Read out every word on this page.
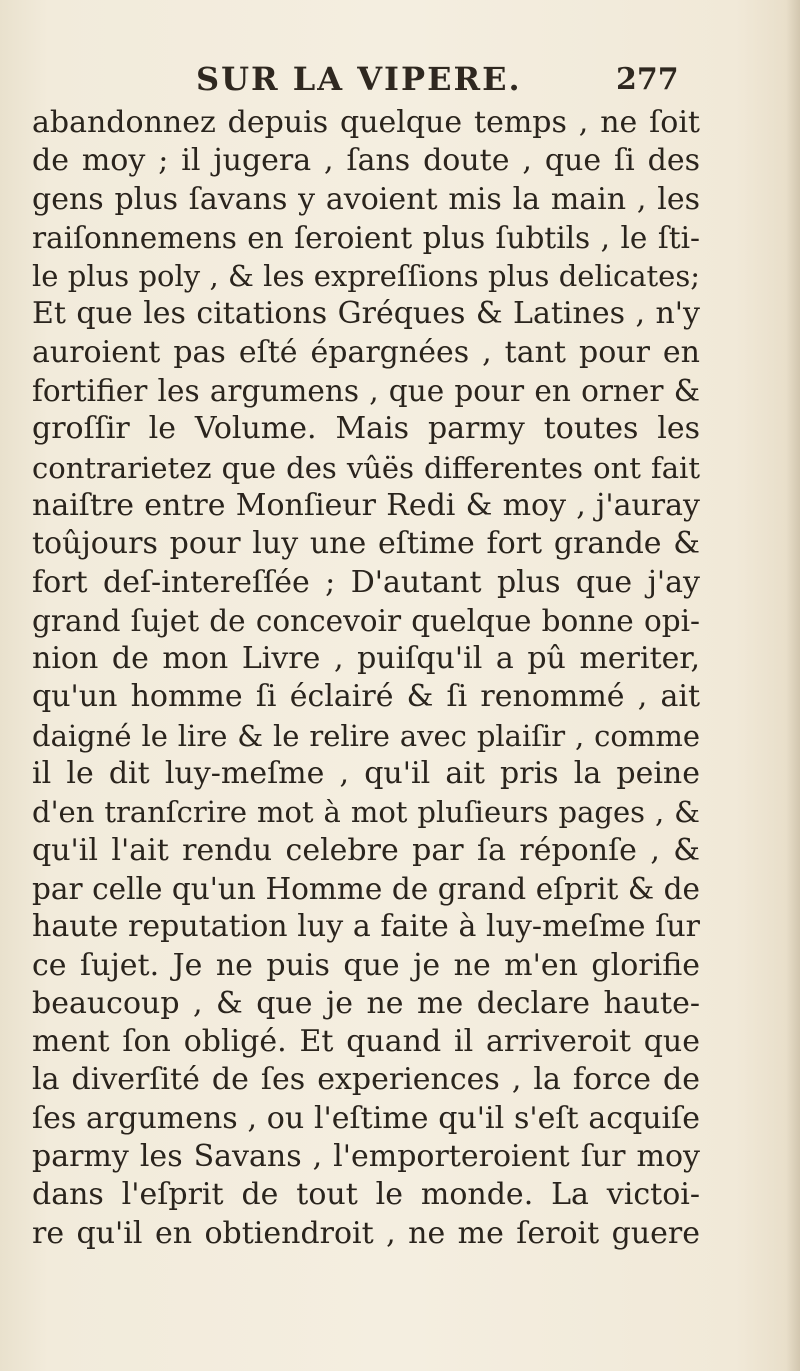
SUR LA VIPERE.	277
abandonnez depuis quelque temps , ne ſoit
de moy ; il jugera , ſans doute , que ſi des
gens plus ſavans y avoient mis la main , les
raiſonnemens en ſeroient plus ſubtils , le ſti-
le plus poly , & les expreſſions plus delicates;
Et que les citations Gréques & Latines , n'y
auroient pas eſté épargnées , tant pour en
fortifier les argumens , que pour en orner &
groſſir le Volume. Mais parmy toutes les
contrarietez que des vûës differentes ont fait
naiſtre entre Monſieur Redi & moy , j'auray
toûjours pour luy une eſtime fort grande &
fort deſ-intereſſée ; D'autant plus que j'ay
grand ſujet de concevoir quelque bonne opi-
nion de mon Livre , puiſqu'il a pû meriter,
qu'un homme ſi éclairé & ſi renommé , ait
daigné le lire & le relire avec plaiſir , comme
il le dit luy-meſme , qu'il ait pris la peine
d'en tranſcrire mot à mot pluſieurs pages , &
qu'il l'ait rendu celebre par ſa réponſe , &
par celle qu'un Homme de grand eſprit & de
haute reputation luy a faite à luy-meſme ſur
ce ſujet. Je ne puis que je ne m'en glorifie
beaucoup , & que je ne me declare haute-
ment ſon obligé. Et quand il arriveroit que
la diverſité de ſes experiences , la force de
ſes argumens , ou l'eſtime qu'il s'eſt acquiſe
parmy les Savans , l'emporteroient ſur moy
dans l'eſprit de tout le monde. La victoi-
re qu'il en obtiendroit , ne me ſeroit guere
